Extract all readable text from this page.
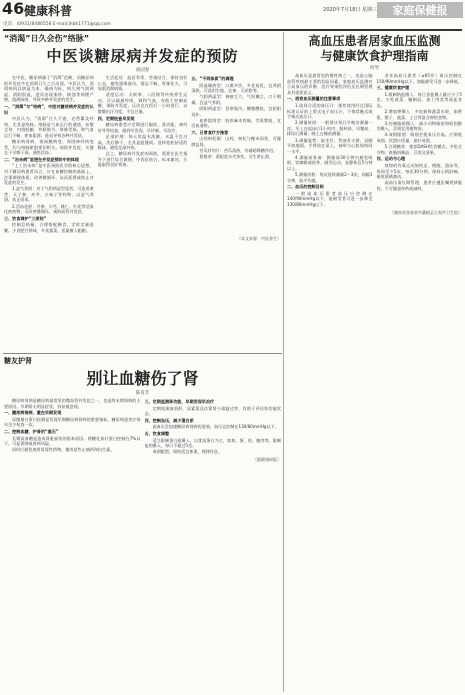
46 健康科普
电话：(0931)8480558 E-mail:jhbk1771@qq.com
2020年7月18日 星期三	家庭保健报
“消渴”日久会伤“络脉”
中医谈糖尿病并发症的预防
南国春

在中医，糖尿病属于“消渴”范畴，而糖尿病的并发症多在消渴日久之后出现。中医认为，消渴病机以阴虚为本、燥热为标，病久则气阴两虚、阴阳俱虚，进而出现血瘀、痰浊等病理产物，阻滞脉络，导致多种并发症的发生。

一、“消渴”与“络病”，中医对糖尿病并发症的认识

中医认为，“消渴”日久不愈，必然累及经络，尤其是络脉。络脉是气血运行的通道，布散全身，内络脏腑，外联肢节。络脉受损，则气血运行不畅，瘀血阻滞，进而导致各种并发症。

糖尿病肾病、视网膜病变、周围神经病变等，均与络脉瘀阻密切相关。预防并发症，关键在于早期干预，通络活血。

二、“治未病”思想在并发症预防中的体现

“上工治未病”是中医预防医学的核心思想。对于糖尿病患者而言，应在血糖控制的基础上，注重调理体质，改善微循环，从而延缓或防止并发症的发生。

1.益气养阴：对于气阴两虚型患者，可选用黄芪、太子参、麦冬、五味子等药物，以益气养阴，扶正固本。

2.活血化瘀：丹参、川芎、桃仁、红花等活血化瘀药物，可改善微循环，预防血管并发症。

三、饮食调护“三原则”

控制总热量，合理搭配膳食，定时定量进餐。少食肥甘厚味，多食蔬菜，适量摄入粗粮。

生活起居：起居有常，劳逸结合，保持良好心态，避免情绪波动。情志不畅，肝郁化火，可加重消渴病情。

适度运动：太极拳、八段锦等传统养生运动，可以疏通经络，调和气血，有助于控制血糖，预防并发症。运动宜在饭后一小时进行，以微微出汗为度，不宜过量。

四、定期检查早发现

糖尿病患者应定期进行眼底、肾功能、神经传导等检查，做到早发现、早诊断、早治疗。

足部护理：每天用温水洗脚，水温不宜过高，洗后擦干，尤其是趾缝间。选择宽松舒适的鞋袜，避免足部外伤。

总之，糖尿病并发症的预防，需要在医生指导下进行综合调理，中西医结合，标本兼治，方能取得良好效果。

五、“不同体质”的调理

阴虚燥热型：口渴多饮，多食易饥，宜养阴清热。可选用生地、玄参、天花粉等。

气阴两虚型：神疲乏力，气短懒言，口干咽燥，宜益气养阴。

阴阳两虚型：畏寒肢冷，腰膝酸软，宜阴阳双补。

血瘀阻络型：肢体麻木疼痛，舌质紫暗，宜活血通络。

六、日常食疗方推荐

山药枸杞粥：山药、枸杞与粳米同煮，可健脾益肾。

苦瓜炒肉片：苦瓜清热，有辅助降糖作用。

葛根茶：葛根泡水代茶饮，可生津止渴。

（本文来源：中医养生）
糖友护肾
别让血糖伤了肾
陈育芳

糖尿病肾病是糖尿病最常见的微血管并发症之一，也是终末期肾病的主要原因。早期常无明显症状，容易被忽视。

一、糖尿病肾病，重在早期发现

尿微量白蛋白检测是发现早期糖尿病肾病的重要指标。糖尿病患者应每年至少检查一次。

二、控制血糖，护肾的“基石”

长期高血糖是造成肾脏损伤的根本原因。将糖化血红蛋白控制在7%以下，可显著降低肾病风险。

同时应避免使用肾毒性药物，慎用某些止痛药和抗生素。

三、定期监测肾功能，早期发现早治疗

定期检测血肌酐、尿素氮及估算肾小球滤过率，有助于评估肾功能状态。

四、控制血压，减少蛋白尿

高血压会加速糖尿病肾病的进展。血压宜控制在130/80mmHg以下。

五、饮食调整

适当限制蛋白质摄入，以优质蛋白为主，如鱼、蛋、奶、瘦肉等。限制盐的摄入，每日不超过5克。

戒烟限酒，保持适宜体重，规律作息。

（据健康时报）
高血压患者居家血压监测
与健康饮食护理指南
何琴

高血压是最常见的慢性病之一，也是心脑血管疾病最主要的危险因素。家庭血压监测对于高血压的诊断、治疗效果的评估及长期管理具有重要意义。

一、居家血压测量的注意事项

1.选择合适的血压计：推荐使用经过国际标准认证的上臂式电子血压计，不推荐腕式或手指式血压计。

2.测量时间：一般建议每日早晚各测量一次。早上在起床后1小时内、服药前、早餐前、排尿后测量；晚上在睡前测量。

3.测量姿势：取坐位，背部有支撑，双脚平放地面，手臂放在桌上，袖带与心脏保持同一水平。

4.测量前准备：测量前30分钟内避免吸烟、饮咖啡或浓茶、剧烈运动，安静休息5分钟以上。

5.测量次数：每次连续测量2～3次，间隔1分钟，取平均值。

二、血压的控制目标

一般高血压患者血压应控制在140/90mmHg以下，能耐受者可进一步降至130/80mmHg以下。

老年高血压患者（≥65岁）血压控制在150/90mmHg以下，如能耐受可进一步降低。

三、健康饮食护理

1.限制钠盐摄入：每日食盐摄入量应少于5克。少吃咸菜、腌制品、加工肉类等高盐食品。

2.增加钾摄入：多吃新鲜蔬菜水果，如香蕉、橙子、菠菜、土豆等富含钾的食物。

3.控制脂肪摄入：减少动物脂肪和胆固醇的摄入，烹调宜用植物油。

4.戒烟限酒：吸烟会使血压升高，应彻底戒烟。饮酒应适量，最好戒酒。

5.合理膳食：推荐DASH饮食模式，多吃全谷物、低脂奶制品、豆类及坚果。

四、运动与心理

规律的有氧运动如快走、慢跑、游泳等，每周至少5次，每次30分钟。保持心情舒畅，避免情绪激动。

高血压需长期管理，患者应遵医嘱规律服药，不可随意停药或减药。

（湖南省张家界市桑植县王家坪卫生院）
